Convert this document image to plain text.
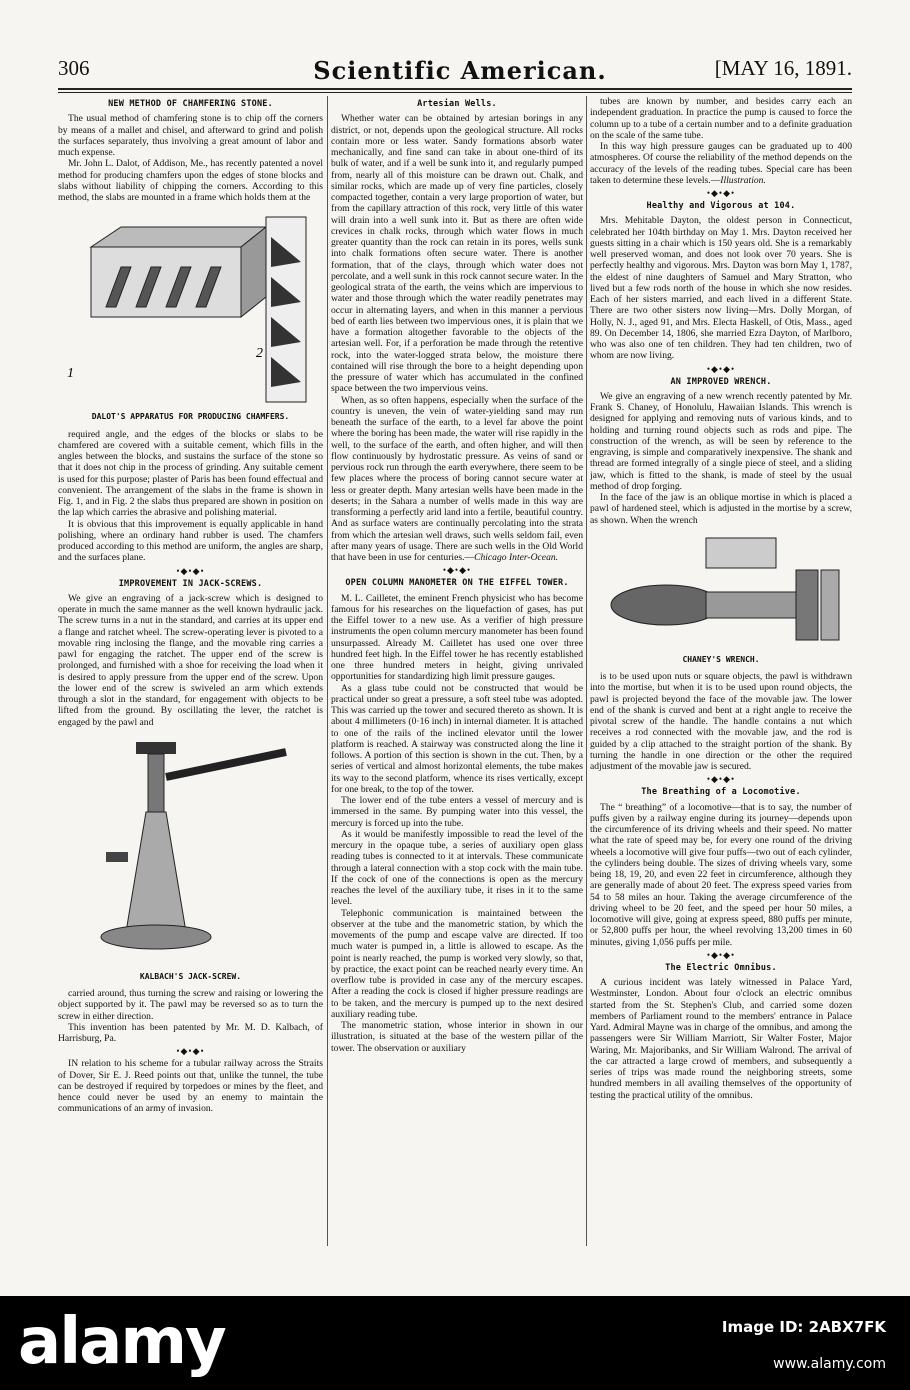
306	Scientific American.	[MAY 16, 1891.
NEW METHOD OF CHAMFERING STONE.

The usual method of chamfering stone is to chip off the corners by means of a mallet and chisel, and afterward to grind and polish the surfaces separately, thus involving a great amount of labor and much expense.

Mr. John L. Dalot, of Addison, Me., has recently patented a novel method for producing chamfers upon the edges of stone blocks and slabs without liability of chipping the corners. According to this method, the slabs are mounted in a frame which holds them at the

1
2
DALOT'S APPARATUS FOR PRODUCING CHAMFERS.

required angle, and the edges of the blocks or slabs to be chamfered are covered with a suitable cement, which fills in the angles between the blocks, and sustains the surface of the stone so that it does not chip in the process of grinding. Any suitable cement is used for this purpose; plaster of Paris has been found effectual and convenient. The arrangement of the slabs in the frame is shown in Fig. 1, and in Fig. 2 the slabs thus prepared are shown in position on the lap which carries the abrasive and polishing material.

It is obvious that this improvement is equally applicable in hand polishing, where an ordinary hand rubber is used. The chamfers produced according to this method are uniform, the angles are sharp, and the surfaces plane.

•◆•◆•
IMPROVEMENT IN JACK-SCREWS.

We give an engraving of a jack-screw which is designed to operate in much the same manner as the well known hydraulic jack. The screw turns in a nut in the standard, and carries at its upper end a flange and ratchet wheel. The screw-operating lever is pivoted to a movable ring inclosing the flange, and the movable ring carries a pawl for engaging the ratchet. The upper end of the screw is prolonged, and furnished with a shoe for receiving the load when it is desired to apply pressure from the upper end of the screw. Upon the lower end of the screw is swiveled an arm which extends through a slot in the standard, for engagement with objects to be lifted from the ground. By oscillating the lever, the ratchet is engaged by the pawl and

KALBACH'S JACK-SCREW.

carried around, thus turning the screw and raising or lowering the object supported by it. The pawl may be reversed so as to turn the screw in either direction.

This invention has been patented by Mr. M. D. Kalbach, of Harrisburg, Pa.

•◆•◆•

IN relation to his scheme for a tubular railway across the Straits of Dover, Sir E. J. Reed points out that, unlike the tunnel, the tube can be destroyed if required by torpedoes or mines by the fleet, and hence could never be used by an enemy to maintain the communications of an army of invasion.

Artesian Wells.

Whether water can be obtained by artesian borings in any district, or not, depends upon the geological structure. All rocks contain more or less water. Sandy formations absorb water mechanically, and fine sand can take in about one-third of its bulk of water, and if a well be sunk into it, and regularly pumped from, nearly all of this moisture can be drawn out. Chalk, and similar rocks, which are made up of very fine particles, closely compacted together, contain a very large proportion of water, but from the capillary attraction of this rock, very little of this water will drain into a well sunk into it. But as there are often wide crevices in chalk rocks, through which water flows in much greater quantity than the rock can retain in its pores, wells sunk into chalk formations often secure water. There is another formation, that of the clays, through which water does not percolate, and a well sunk in this rock cannot secure water. In the geological strata of the earth, the veins which are impervious to water and those through which the water readily penetrates may occur in alternating layers, and when in this manner a pervious bed of earth lies between two impervious ones, it is plain that we have a formation altogether favorable to the objects of the artesian well. For, if a perforation be made through the retentive rock, into the water-logged strata below, the moisture there contained will rise through the bore to a height depending upon the pressure of water which has accumulated in the confined space between the two impervious veins.

When, as so often happens, especially when the surface of the country is uneven, the vein of water-yielding sand may run beneath the surface of the earth, to a level far above the point where the boring has been made, the water will rise rapidly in the well, to the surface of the earth, and often higher, and will then flow continuously by hydrostatic pressure. As veins of sand or pervious rock run through the earth everywhere, there seem to be few places where the process of boring cannot secure water at less or greater depth. Many artesian wells have been made in the deserts; in the Sahara a number of wells made in this way are transforming a perfectly arid land into a fertile, beautiful country. And as surface waters are continually percolating into the strata from which the artesian well draws, such wells seldom fail, even after many years of usage. There are such wells in the Old World that have been in use for centuries.—Chicago Inter-Ocean.

•◆•◆•
OPEN COLUMN MANOMETER ON THE EIFFEL TOWER.

M. L. Cailletet, the eminent French physicist who has become famous for his researches on the liquefaction of gases, has put the Eiffel tower to a new use. As a verifier of high pressure instruments the open column mercury manometer has been found unsurpassed. Already M. Cailletet has used one over three hundred feet high. In the Eiffel tower he has recently established one three hundred meters in height, giving unrivaled opportunities for standardizing high limit pressure gauges.

As a glass tube could not be constructed that would be practical under so great a pressure, a soft steel tube was adopted. This was carried up the tower and secured thereto as shown. It is about 4 millimeters (0·16 inch) in internal diameter. It is attached to one of the rails of the inclined elevator until the lower platform is reached. A stairway was constructed along the line it follows. A portion of this section is shown in the cut. Then, by a series of vertical and almost horizontal elements, the tube makes its way to the second platform, whence its rises vertically, except for one break, to the top of the tower.

The lower end of the tube enters a vessel of mercury and is immersed in the same. By pumping water into this vessel, the mercury is forced up into the tube.

As it would be manifestly impossible to read the level of the mercury in the opaque tube, a series of auxiliary open glass reading tubes is connected to it at intervals. These communicate through a lateral connection with a stop cock with the main tube. If the cock of one of the connections is open as the mercury reaches the level of the auxiliary tube, it rises in it to the same level.

Telephonic communication is maintained between the observer at the tube and the manometric station, by which the movements of the pump and escape valve are directed. If too much water is pumped in, a little is allowed to escape. As the point is nearly reached, the pump is worked very slowly, so that, by practice, the exact point can be reached nearly every time. An overflow tube is provided in case any of the mercury escapes. After a reading the cock is closed if higher pressure readings are to be taken, and the mercury is pumped up to the next desired auxiliary reading tube.

The manometric station, whose interior in shown in our illustration, is situated at the base of the western pillar of the tower. The observation or auxiliary

tubes are known by number, and besides carry each an independent graduation. In practice the pump is caused to force the column up to a tube of a certain number and to a definite graduation on the scale of the same tube.

In this way high pressure gauges can be graduated up to 400 atmospheres. Of course the reliability of the method depends on the accuracy of the levels of the reading tubes. Special care has been taken to determine these levels.—Illustration.

•◆•◆•
Healthy and Vigorous at 104.

Mrs. Mehitable Dayton, the oldest person in Connecticut, celebrated her 104th birthday on May 1. Mrs. Dayton received her guests sitting in a chair which is 150 years old. She is a remarkably well preserved woman, and does not look over 70 years. She is perfectly healthy and vigorous. Mrs. Dayton was born May 1, 1787, the eldest of nine daughters of Samuel and Mary Stratton, who lived but a few rods north of the house in which she now resides. Each of her sisters married, and each lived in a different State. There are two other sisters now living—Mrs. Dolly Morgan, of Holly, N. J., aged 91, and Mrs. Electa Haskell, of Otis, Mass., aged 89. On December 14, 1806, she married Ezra Dayton, of Marlboro, who was also one of ten children. They had ten children, two of whom are now living.

•◆•◆•
AN IMPROVED WRENCH.

We give an engraving of a new wrench recently patented by Mr. Frank S. Chaney, of Honolulu, Hawaiian Islands. This wrench is designed for applying and removing nuts of various kinds, and to holding and turning round objects such as rods and pipe. The construction of the wrench, as will be seen by reference to the engraving, is simple and comparatively inexpensive. The shank and thread are formed integrally of a single piece of steel, and a sliding jaw, which is fitted to the shank, is made of steel by the usual method of drop forging.

In the face of the jaw is an oblique mortise in which is placed a pawl of hardened steel, which is adjusted in the mortise by a screw, as shown. When the wrench

CHANEY'S WRENCH.

is to be used upon nuts or square objects, the pawl is withdrawn into the mortise, but when it is to be used upon round objects, the pawl is projected beyond the face of the movable jaw. The lower end of the shank is curved and bent at a right angle to receive the pivotal screw of the handle. The handle contains a nut which receives a rod connected with the movable jaw, and the rod is guided by a clip attached to the straight portion of the shank. By turning the handle in one direction or the other the required adjustment of the movable jaw is secured.

•◆•◆•
The Breathing of a Locomotive.

The “ breathing” of a locomotive—that is to say, the number of puffs given by a railway engine during its journey—depends upon the circumference of its driving wheels and their speed. No matter what the rate of speed may be, for every one round of the driving wheels a locomotive will give four puffs—two out of each cylinder, the cylinders being double. The sizes of driving wheels vary, some being 18, 19, 20, and even 22 feet in circumference, although they are generally made of about 20 feet. The express speed varies from 54 to 58 miles an hour. Taking the average circumference of the driving wheel to be 20 feet, and the speed per hour 50 miles, a locomotive will give, going at express speed, 880 puffs per minute, or 52,800 puffs per hour, the wheel revolving 13,200 times in 60 minutes, giving 1,056 puffs per mile.

•◆•◆•
The Electric Omnibus.

A curious incident was lately witnessed in Palace Yard, Westminster, London. About four o'clock an electric omnibus started from the St. Stephen's Club, and carried some dozen members of Parliament round to the members' entrance in Palace Yard. Admiral Mayne was in charge of the omnibus, and among the passengers were Sir William Marriott, Sir Walter Foster, Major Waring, Mr. Majoribanks, and Sir William Walrond. The arrival of the car attracted a large crowd of members, and subsequently a series of trips was made round the neighboring streets, some hundred members in all availing themselves of the opportunity of testing the practical utility of the omnibus.

alamy	Image ID: 2ABX7FK
www.alamy.com
